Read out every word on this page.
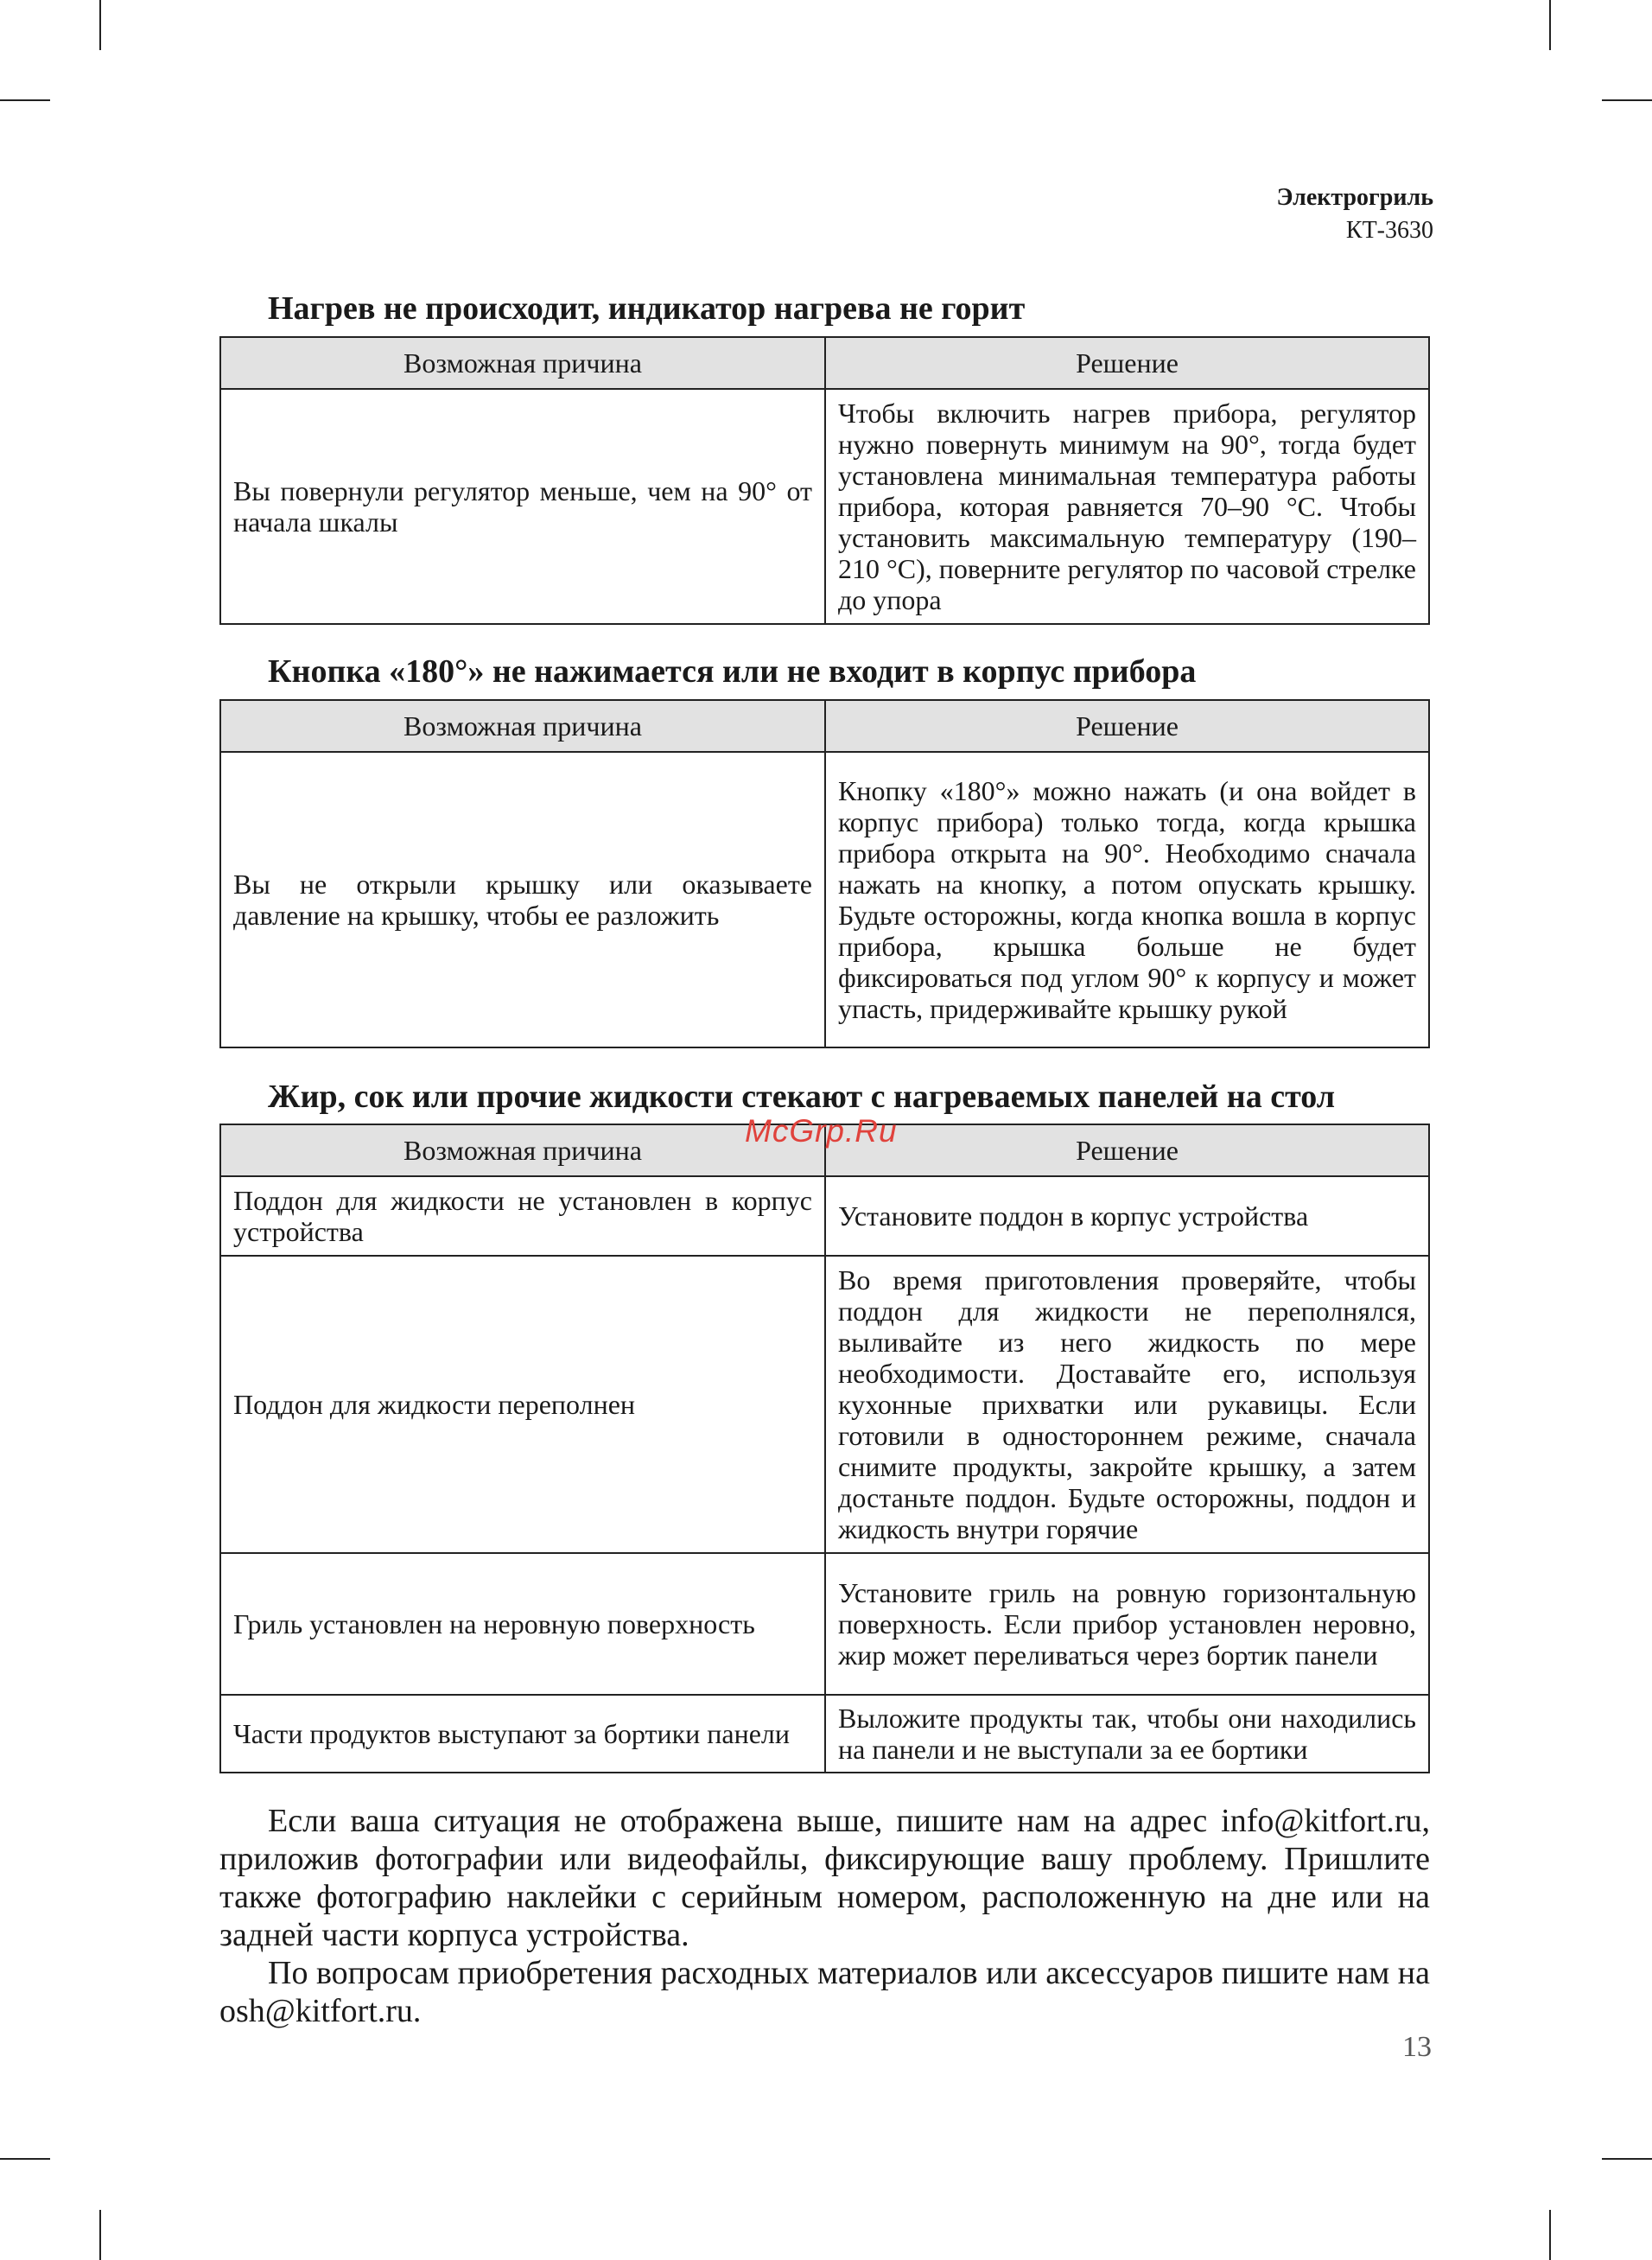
Электрогриль
КТ-3630
Нагрев не происходит, индикатор нагрева не горит
Возможная причина	Решение
Вы повернули регулятор меньше, чем на 90° от начала шкалы	Чтобы включить нагрев прибора, регулятор нужно повернуть минимум на 90°, тогда будет установлена минимальная температура работы прибора, которая равняется 70–90 °С. Чтобы установить максимальную температуру (190–210 °С), поверните регулятор по часовой стрелке до упора
Кнопка «180°» не нажимается или не входит в корпус прибора
Возможная причина	Решение
Вы не открыли крышку или оказываете давление на крышку, чтобы ее разложить	Кнопку «180°» можно нажать (и она войдет в корпус прибора) только тогда, когда крышка прибора открыта на 90°. Необходимо сначала нажать на кнопку, а потом опускать крышку. Будьте осторожны, когда кнопка вошла в корпус прибора, крышка больше не будет фиксироваться под углом 90° к корпусу и может упасть, придерживайте крышку рукой
Жир, сок или прочие жидкости стекают с нагреваемых панелей на стол
Возможная причина	Решение
Поддон для жидкости не установлен в корпус устройства	Установите поддон в корпус устройства
Поддон для жидкости переполнен	Во время приготовления проверяйте, чтобы поддон для жидкости не переполнялся, выливайте из него жидкость по мере необходимости. Доставайте его, используя кухонные прихватки или рукавицы. Если готовили в одностороннем режиме, сначала снимите продукты, закройте крышку, а затем достаньте поддон. Будьте осторожны, поддон и жидкость внутри горячие
Гриль установлен на неровную поверхность	Установите гриль на ровную горизонтальную поверхность. Если прибор установлен неровно, жир может переливаться через бортик панели
Части продуктов выступают за бортики панели	Выложите продукты так, чтобы они находились на панели и не выступали за ее бортики
McGrp.Ru

Если ваша ситуация не отображена выше, пишите нам на адрес info@kitfort.ru, приложив фотографии или видеофайлы, фиксирующие вашу проблему. Пришлите также фотографию наклейки с серийным номером, расположенную на дне или на задней части корпуса устройства.

По вопросам приобретения расходных материалов или аксессуаров пишите нам на osh@kitfort.ru.

13
